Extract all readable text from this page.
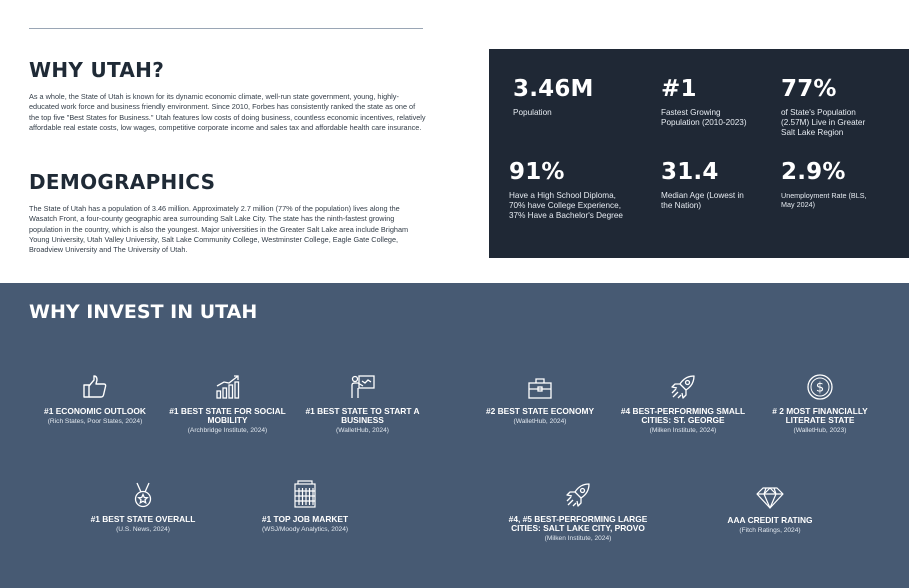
WHY UTAH?
As a whole, the State of Utah is known for its dynamic economic climate, well-run state government, young, highly-educated work force and business friendly environment. Since 2010, Forbes has consistently ranked the state as one of the top five "Best States for Business." Utah features low costs of doing business, countless economic incentives, relatively affordable real estate costs, low wages, competitive corporate income and sales tax and affordable health care insurance.
DEMOGRAPHICS
The State of Utah has a population of 3.46 million. Approximately 2.7 million (77% of the population) lives along the Wasatch Front, a four-county geographic area surrounding Salt Lake City. The state has the ninth-fastest growing population in the country, which is also the youngest. Major universities in the Greater Salt Lake area include Brigham Young University, Utah Valley University, Salt Lake Community College, Westminster College, Eagle Gate College, Broadview University and The University of Utah.
3.46M
Population
#1
Fastest Growing Population (2010-2023)
77%
of State's Population (2.57M) Live in Greater Salt Lake Region
91%
Have a High School Diploma, 70% have College Experience, 37% Have a Bachelor's Degree
31.4
Median Age (Lowest in the Nation)
2.9%
Unemployment Rate (BLS, May 2024)
WHY INVEST IN UTAH
#1 ECONOMIC OUTLOOK
(Rich States, Poor States, 2024)
#1 BEST STATE FOR SOCIAL MOBILITY
(Archbridge Institute, 2024)
#1 BEST STATE TO START A BUSINESS
(WalletHub, 2024)
#2 BEST STATE ECONOMY
(WalletHub, 2024)
#4 BEST-PERFORMING SMALL CITIES: ST. GEORGE
(Milken Institute, 2024)
$
# 2 MOST FINANCIALLY LITERATE STATE
(WalletHub, 2023)
#1 BEST STATE OVERALL
(U.S. News, 2024)
#1 TOP JOB MARKET
(WSJ/Moody Analytics, 2024)
#4, #5 BEST-PERFORMING LARGE CITIES: SALT LAKE CITY, PROVO
(Milken Institute, 2024)
AAA CREDIT RATING
(Fitch Ratings, 2024)
